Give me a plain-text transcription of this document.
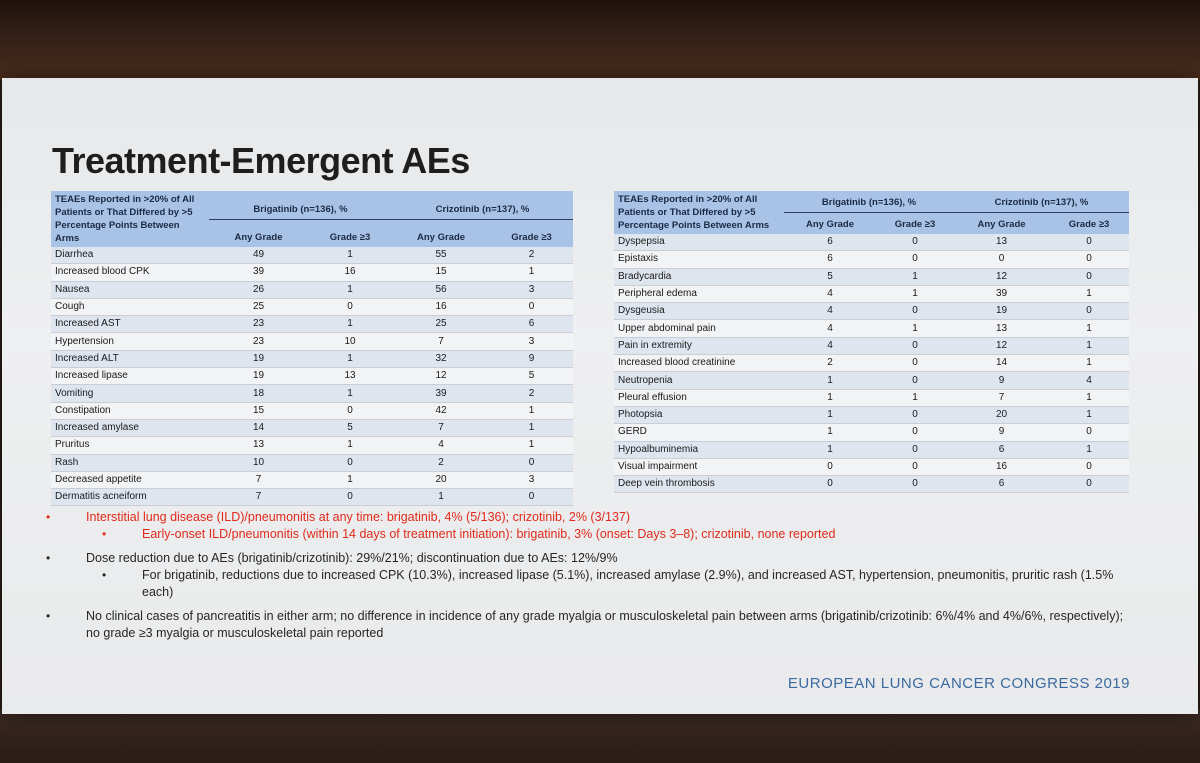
Treatment-Emergent AEs
TEAEs Reported in >20% of All Patients or That Differed by >5 Percentage Points Between Arms	Brigatinib (n=136), %		Crizotinib (n=137), %	
	Any Grade	Grade ≥3	Any Grade	Grade ≥3
Diarrhea	49	1	55	2
Increased blood CPK	39	16	15	1
Nausea	26	1	56	3
Cough	25	0	16	0
Increased AST	23	1	25	6
Hypertension	23	10	7	3
Increased ALT	19	1	32	9
Increased lipase	19	13	12	5
Vomiting	18	1	39	2
Constipation	15	0	42	1
Increased amylase	14	5	7	1
Pruritus	13	1	4	1
Rash	10	0	2	0
Decreased appetite	7	1	20	3
Dermatitis acneiform	7	0	1	0
TEAEs Reported in >20% of All Patients or That Differed by >5 Percentage Points Between Arms	Brigatinib (n=136), %		Crizotinib (n=137), %	
	Any Grade	Grade ≥3	Any Grade	Grade ≥3
Dyspepsia	6	0	13	0
Epistaxis	6	0	0	0
Bradycardia	5	1	12	0
Peripheral edema	4	1	39	1
Dysgeusia	4	0	19	0
Upper abdominal pain	4	1	13	1
Pain in extremity	4	0	12	1
Increased blood creatinine	2	0	14	1
Neutropenia	1	0	9	4
Pleural effusion	1	1	7	1
Photopsia	1	0	20	1
GERD	1	0	9	0
Hypoalbuminemia	1	0	6	1
Visual impairment	0	0	16	0
Deep vein thrombosis	0	0	6	0

•	Interstitial lung disease (ILD)/pneumonitis at any time: brigatinib, 4% (5/136); crizotinib, 2% (3/137)

•	Early-onset ILD/pneumonitis (within 14 days of treatment initiation): brigatinib, 3% (onset: Days 3–8); crizotinib, none reported

•	Dose reduction due to AEs (brigatinib/crizotinib): 29%/21%; discontinuation due to AEs: 12%/9%

•	For brigatinib, reductions due to increased CPK (10.3%), increased lipase (5.1%), increased amylase (2.9%), and increased AST, hypertension, pneumonitis, pruritic rash (1.5% each)

•	No clinical cases of pancreatitis in either arm; no difference in incidence of any grade myalgia or musculoskeletal pain between arms (brigatinib/crizotinib: 6%/4% and 4%/6%, respectively); no grade ≥3 myalgia or musculoskeletal pain reported

EUROPEAN LUNG CANCER CONGRESS 2019
